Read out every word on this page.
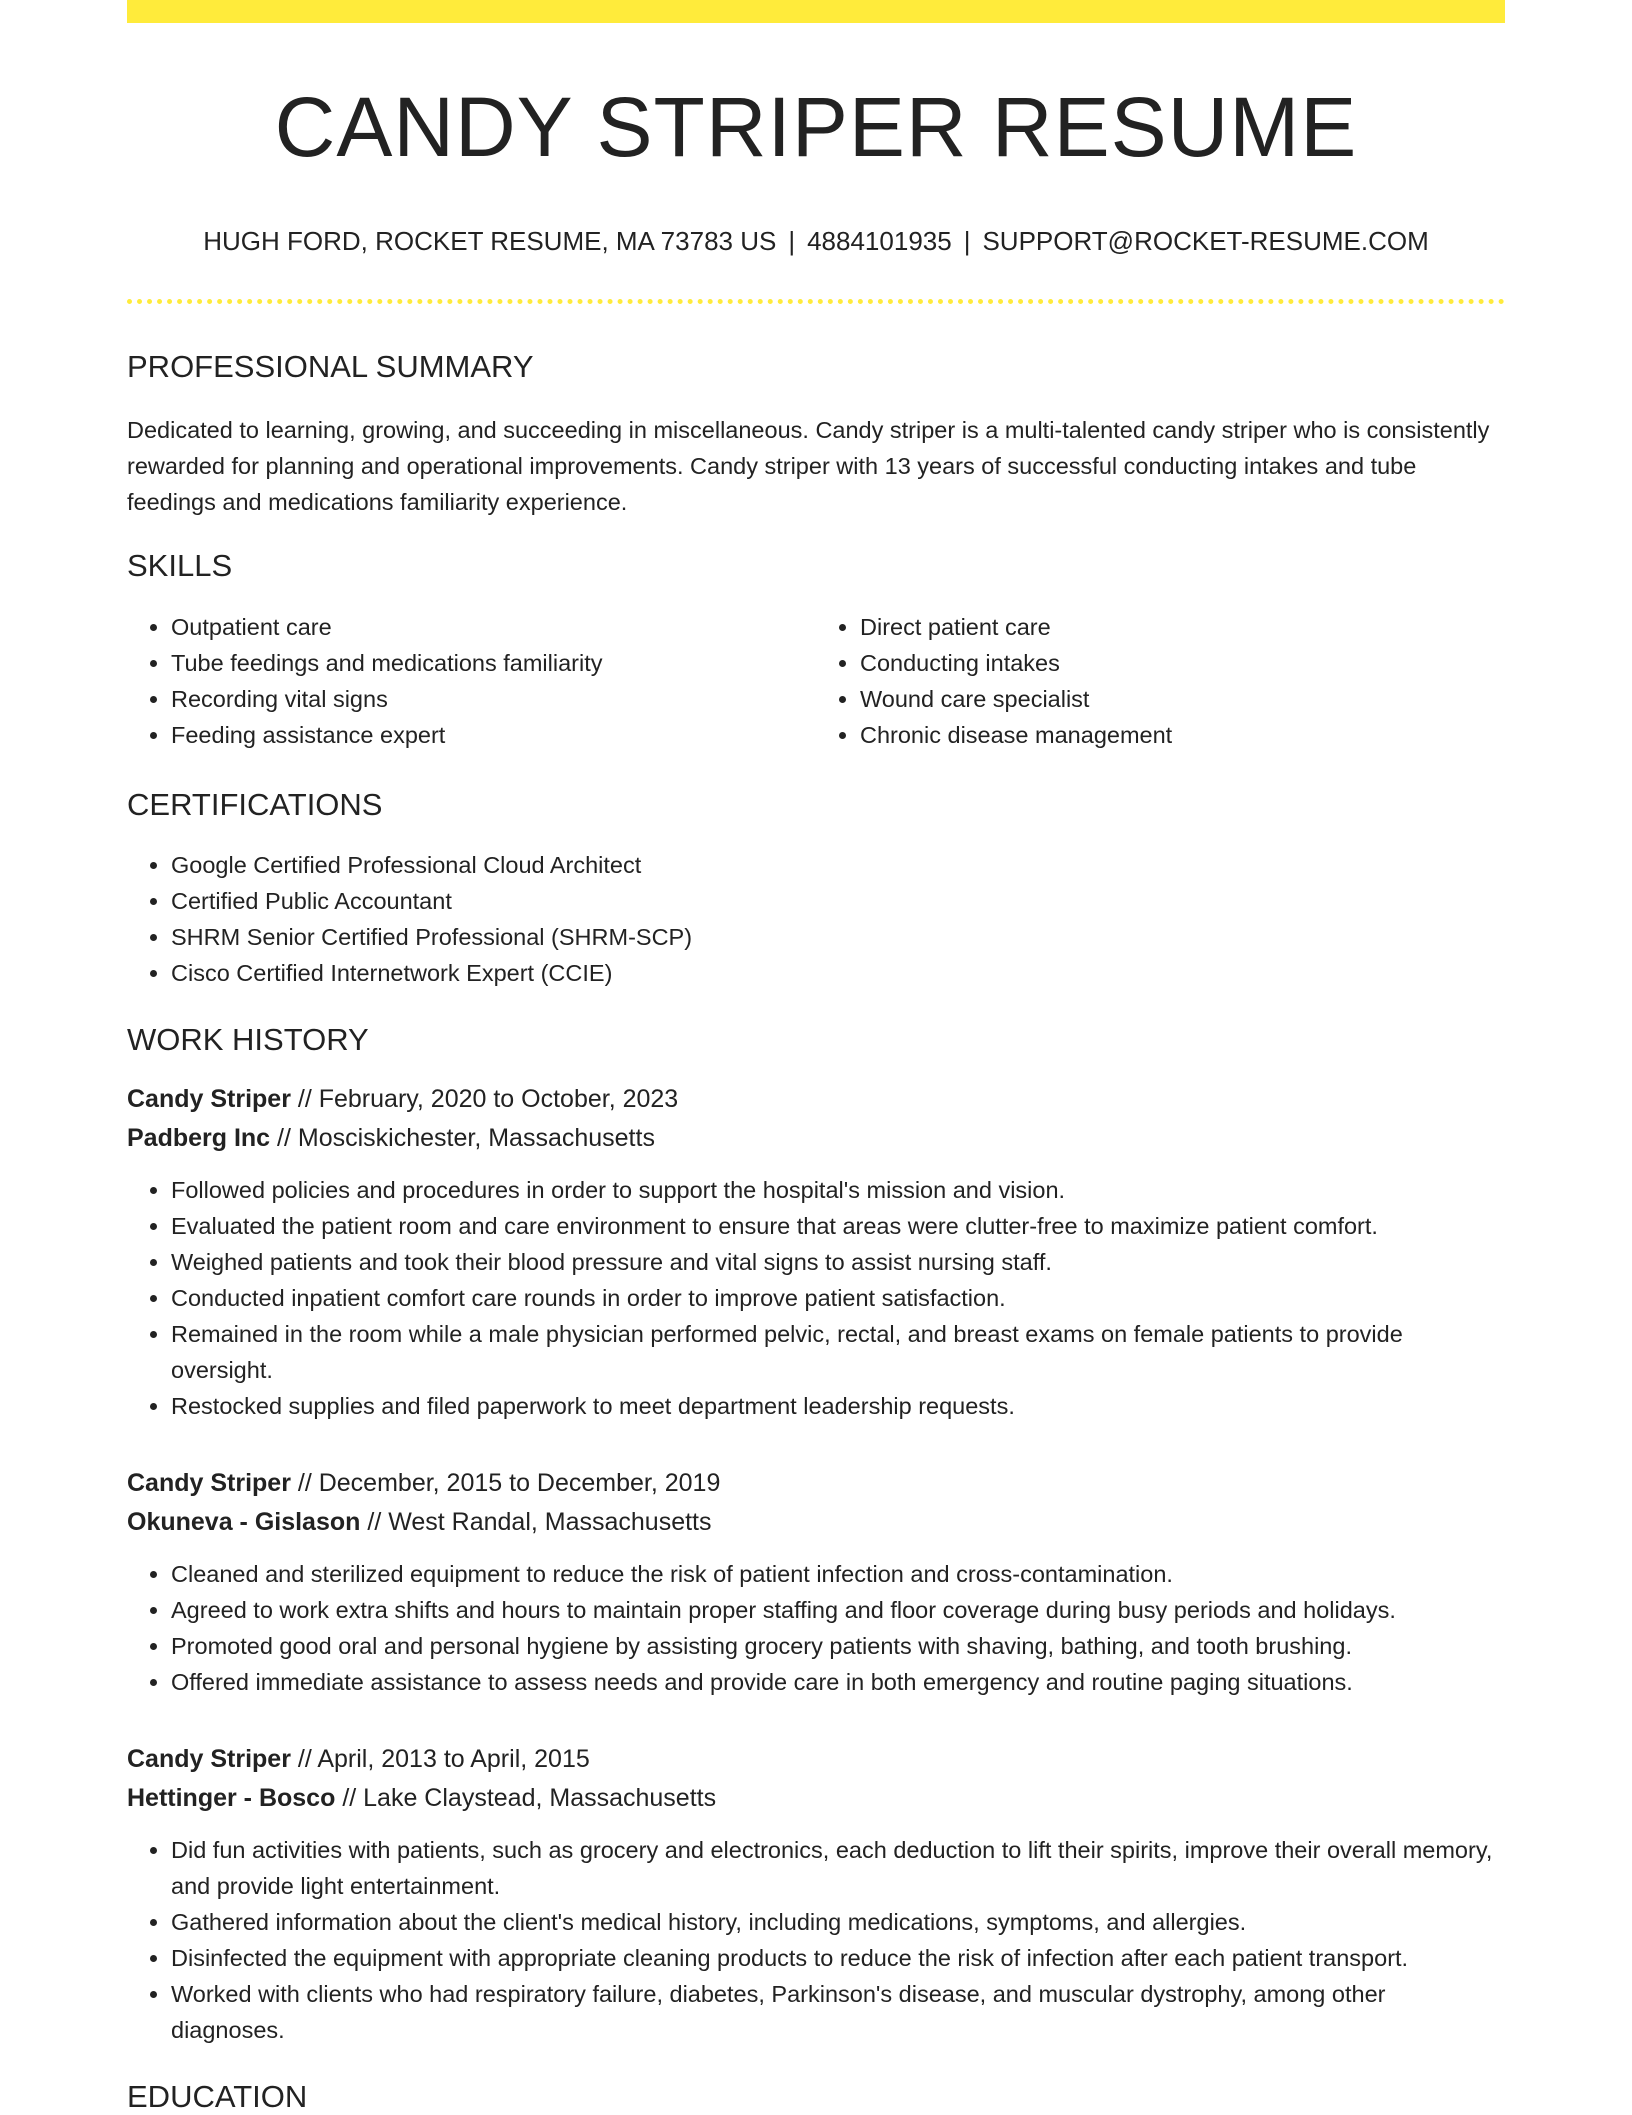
CANDY STRIPER RESUME
HUGH FORD, ROCKET RESUME, MA 73783 US | 4884101935 | SUPPORT@ROCKET-RESUME.COM
PROFESSIONAL SUMMARY

Dedicated to learning, growing, and succeeding in miscellaneous. Candy striper is a multi-talented candy striper who is consistently rewarded for planning and operational improvements. Candy striper with 13 years of successful conducting intakes and tube feedings and medications familiarity experience.

SKILLS
• Outpatient care
• Tube feedings and medications familiarity
• Recording vital signs
• Feeding assistance expert
• Direct patient care
• Conducting intakes
• Wound care specialist
• Chronic disease management
CERTIFICATIONS
• Google Certified Professional Cloud Architect
• Certified Public Accountant
• SHRM Senior Certified Professional (SHRM-SCP)
• Cisco Certified Internetwork Expert (CCIE)
WORK HISTORY
Candy Striper // February, 2020 to October, 2023
Padberg Inc // Mosciskichester, Massachusetts
• Followed policies and procedures in order to support the hospital's mission and vision.
• Evaluated the patient room and care environment to ensure that areas were clutter-free to maximize patient comfort.
• Weighed patients and took their blood pressure and vital signs to assist nursing staff.
• Conducted inpatient comfort care rounds in order to improve patient satisfaction.
• Remained in the room while a male physician performed pelvic, rectal, and breast exams on female patients to provide oversight.
• Restocked supplies and filed paperwork to meet department leadership requests.
Candy Striper // December, 2015 to December, 2019
Okuneva - Gislason // West Randal, Massachusetts
• Cleaned and sterilized equipment to reduce the risk of patient infection and cross-contamination.
• Agreed to work extra shifts and hours to maintain proper staffing and floor coverage during busy periods and holidays.
• Promoted good oral and personal hygiene by assisting grocery patients with shaving, bathing, and tooth brushing.
• Offered immediate assistance to assess needs and provide care in both emergency and routine paging situations.
Candy Striper // April, 2013 to April, 2015
Hettinger - Bosco // Lake Claystead, Massachusetts
• Did fun activities with patients, such as grocery and electronics, each deduction to lift their spirits, improve their overall memory, and provide light entertainment.
• Gathered information about the client's medical history, including medications, symptoms, and allergies.
• Disinfected the equipment with appropriate cleaning products to reduce the risk of infection after each patient transport.
• Worked with clients who had respiratory failure, diabetes, Parkinson's disease, and muscular dystrophy, among other diagnoses.
EDUCATION
